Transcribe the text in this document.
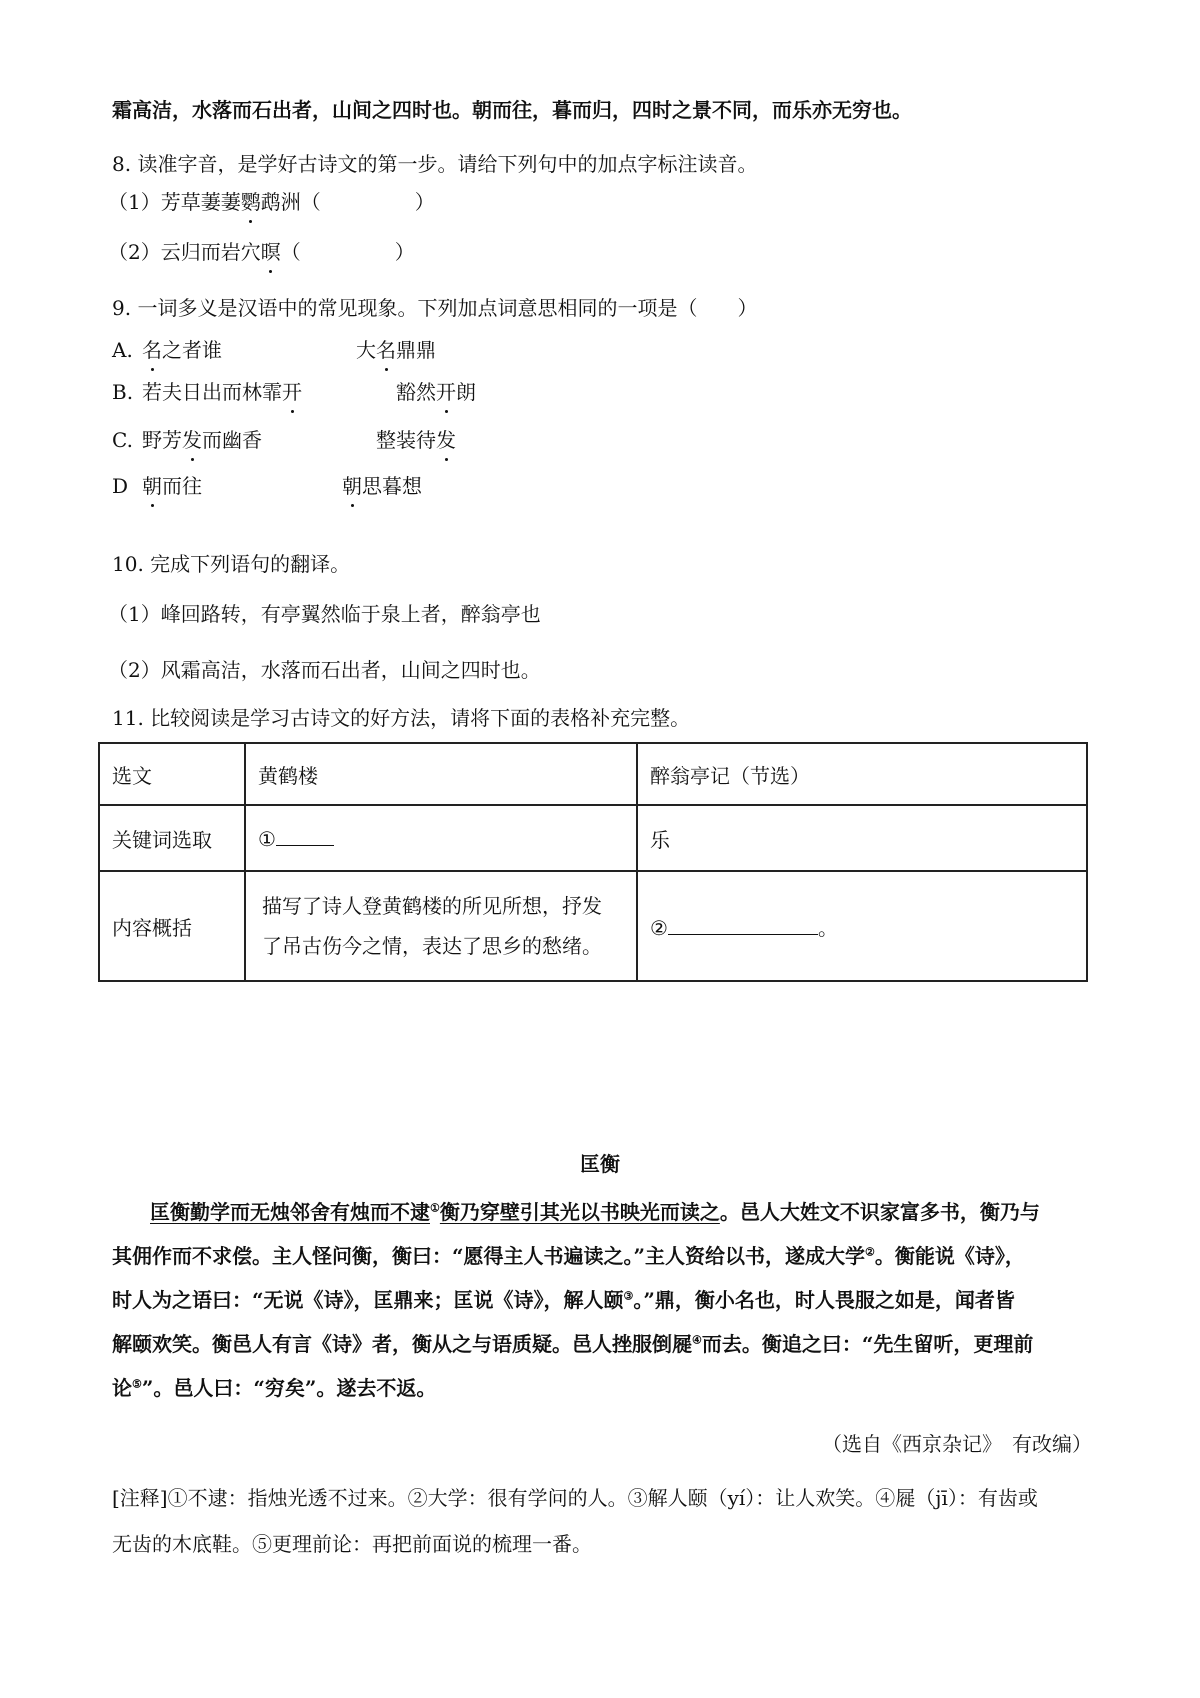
霜高洁，水落而石出者，山间之四时也。朝而往，暮而归，四时之景不同，而乐亦无穷也。
8. 读准字音，是学好古诗文的第一步。请给下列句中的加点字标注读音。
（1）芳草萋萋鹦鹉洲（	）
（2）云归而岩穴暝（	）
9. 一词多义是汉语中的常见现象。下列加点词意思相同的一项是（　　）
A. 名之者谁	大名鼎鼎
B. 若夫日出而林霏开	豁然开朗
C. 野芳发而幽香	整装待发
D 朝而往	朝思暮想
10. 完成下列语句的翻译。
（1）峰回路转，有亭翼然临于泉上者，醉翁亭也
（2）风霜高洁，水落而石出者，山间之四时也。
11. 比较阅读是学习古诗文的好方法，请将下面的表格补充完整。
选文	黄鹤楼	醉翁亭记（节选）
关键词选取	①	乐
内容概括	描写了诗人登黄鹤楼的所见所想，抒发
了吊古伤今之情，表达了思乡的愁绪。	② 。
匡衡
匡衡勤学而无烛邻舍有烛而不逮①衡乃穿壁引其光以书映光而读之。邑人大姓文不识家富多书，衡乃与
其佣作而不求偿。主人怪问衡，衡曰：“愿得主人书遍读之。”主人资给以书，遂成大学②。衡能说《诗》，
时人为之语曰：“无说《诗》，匡鼎来；匡说《诗》，解人颐③。”鼎，衡小名也，时人畏服之如是，闻者皆
解颐欢笑。衡邑人有言《诗》者，衡从之与语质疑。邑人挫服倒屣④而去。衡追之曰：“先生留听，更理前
论⑤”。邑人曰：“穷矣”。遂去不返。
（选自《西京杂记》　有改编）
[注释]①不逮：指烛光透不过来。②大学：很有学问的人。③解人颐（yí）：让人欢笑。④屣（jī）：有齿或
无齿的木底鞋。⑤更理前论：再把前面说的梳理一番。
